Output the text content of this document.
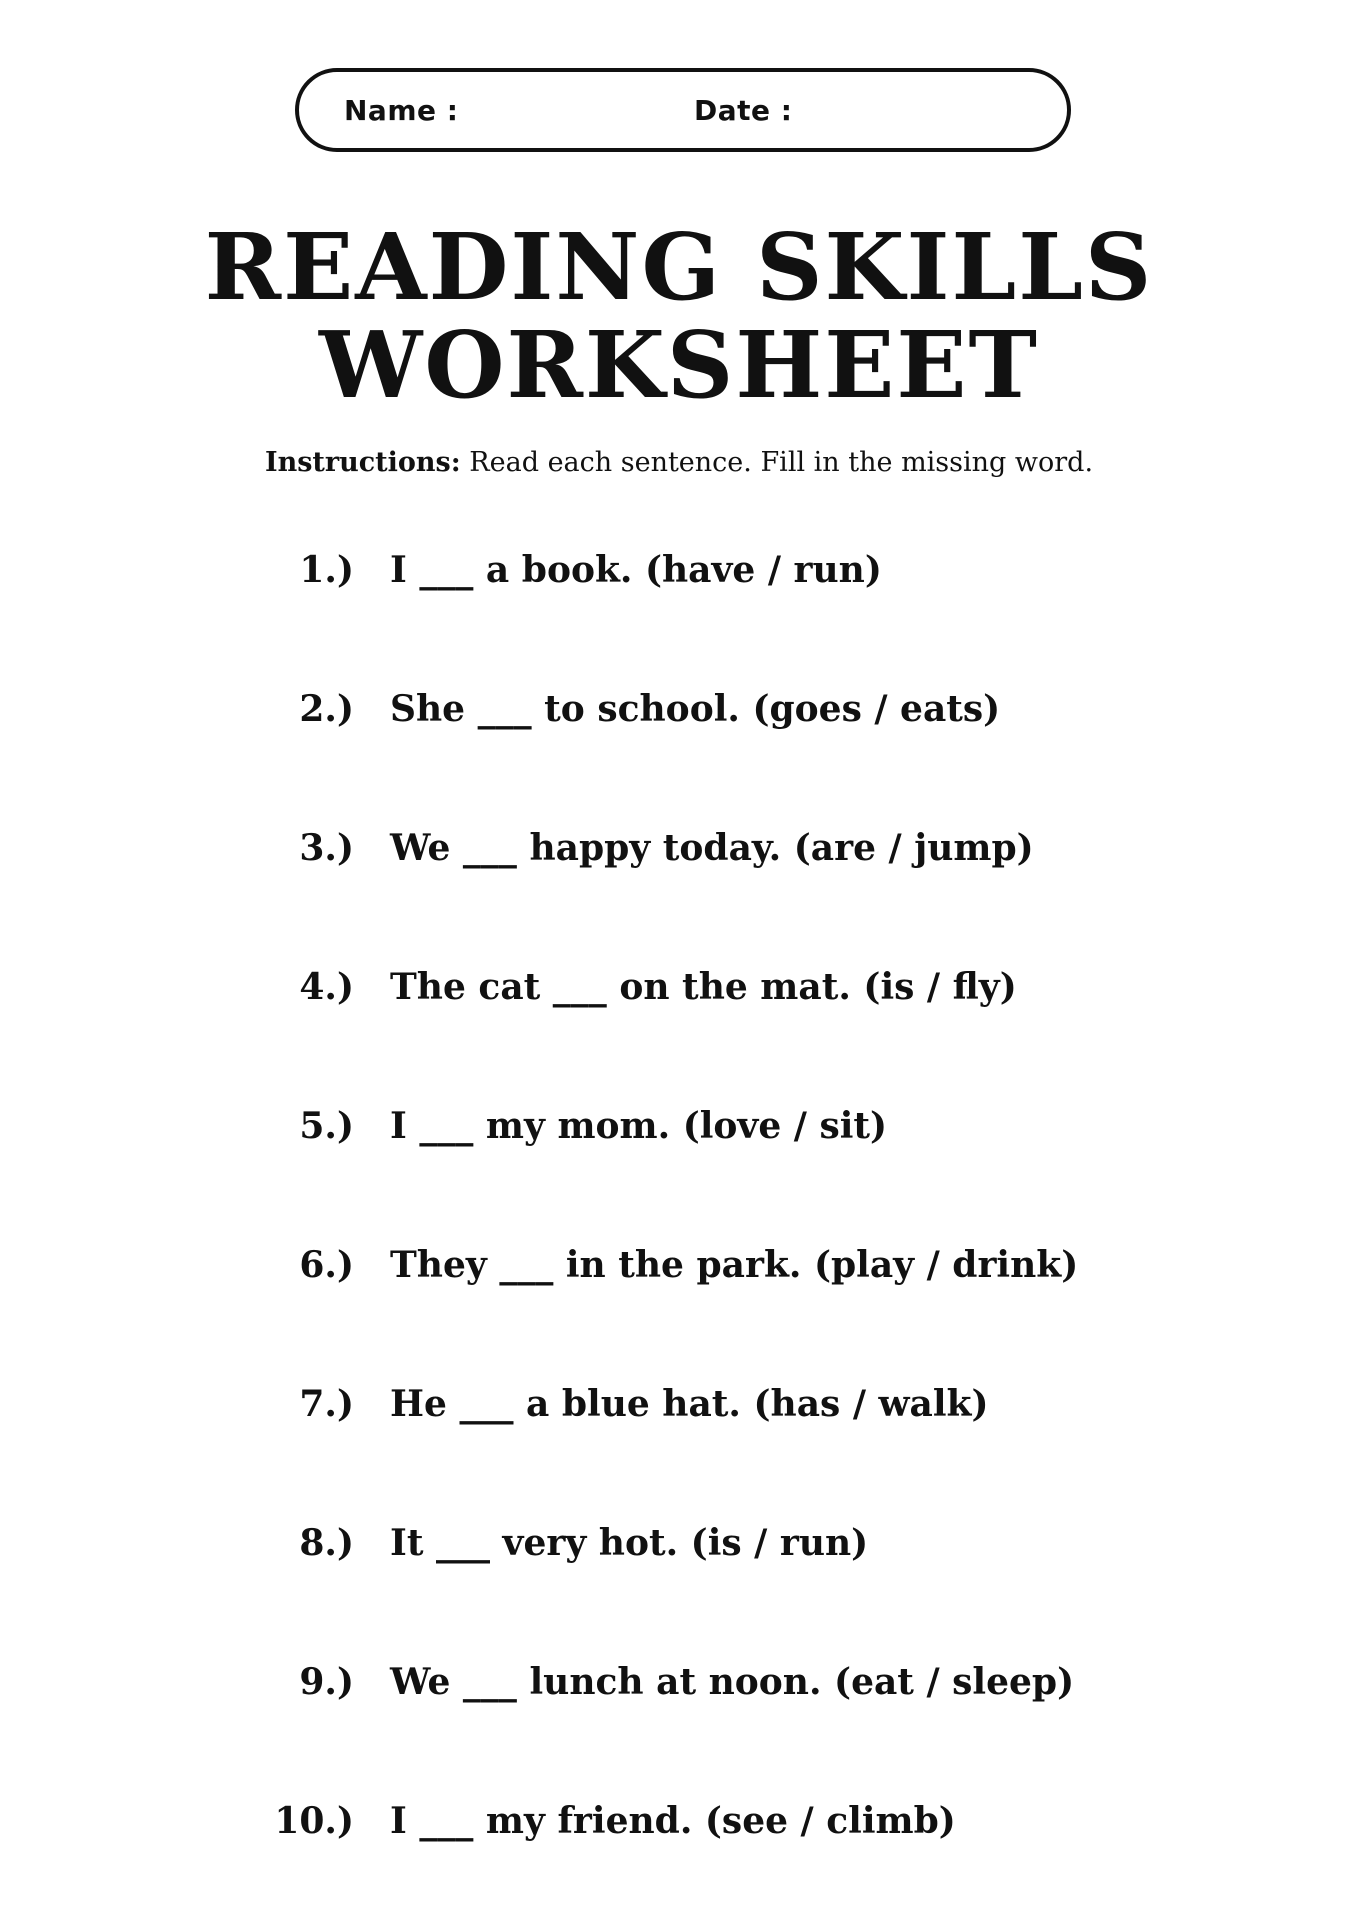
Name :	Date :
READING SKILLS
WORKSHEET
Instructions: Read each sentence. Fill in the missing word.
1.) I ___ a book. (have / run)
2.) She ___ to school. (goes / eats)
3.) We ___ happy today. (are / jump)
4.) The cat ___ on the mat. (is / fly)
5.) I ___ my mom. (love / sit)
6.) They ___ in the park. (play / drink)
7.) He ___ a blue hat. (has / walk)
8.) It ___ very hot. (is / run)
9.) We ___ lunch at noon. (eat / sleep)
10.) I ___ my friend. (see / climb)
